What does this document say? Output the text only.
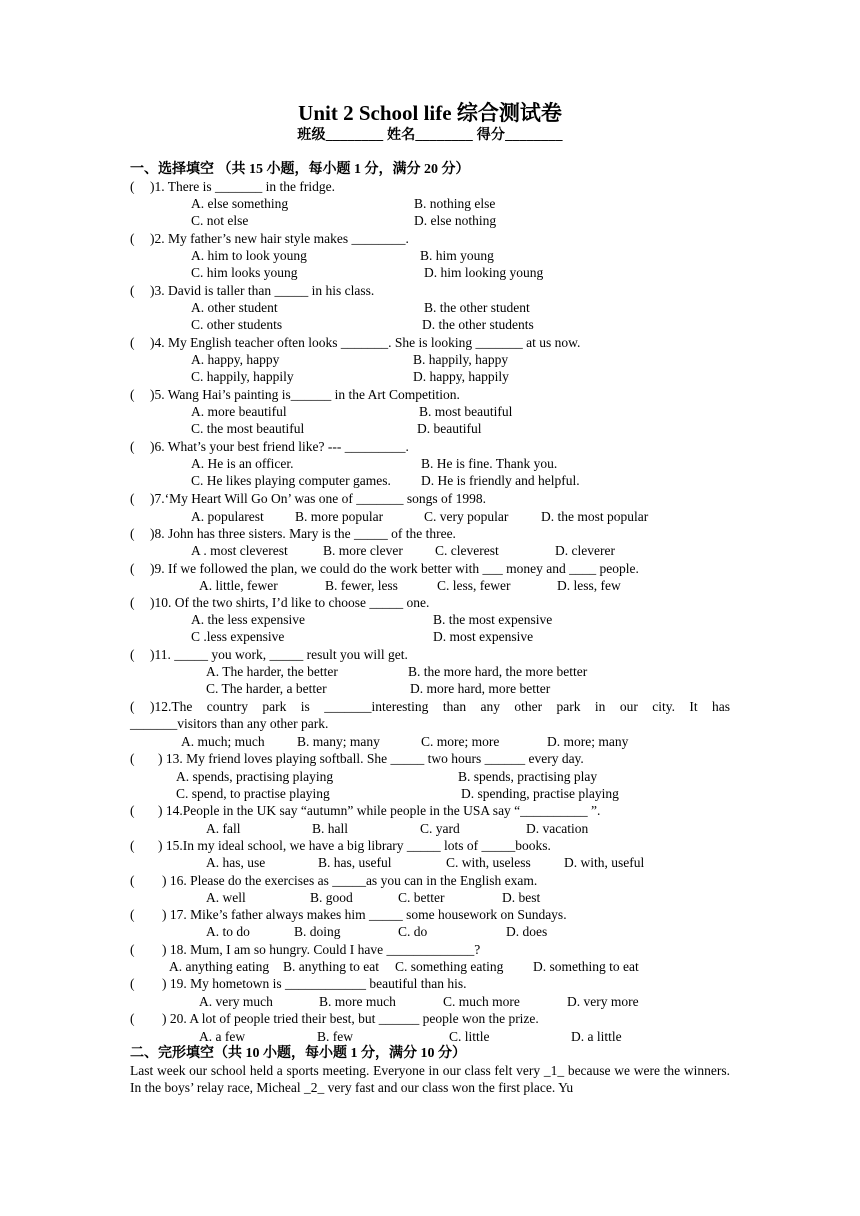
Unit 2 School life 综合测试卷
班级________ 姓名________ 得分________
一、选择填空 （共 15 小题，每小题 1 分，满分 20 分）
( )1. There is _______ in the fridge.
A. else something	B. nothing else
C. not else	D. else nothing
( )2. My father’s new hair style makes ________.
A. him to look young	B. him young
C. him looks young	D. him looking young
( )3. David is taller than _____ in his class.
A. other student	B. the other student
C. other students	D. the other students
( )4. My English teacher often looks _______. She is looking _______ at us now.
A. happy, happy	B. happily, happy
C. happily, happily	D. happy, happily
( )5. Wang Hai’s painting is______ in the Art Competition.
A. more beautiful	B. most beautiful
C. the most beautiful	D. beautiful
( )6. What’s your best friend like? --- _________.
A. He is an officer.	B. He is fine. Thank you.
C. He likes playing computer games. D. He is friendly and helpful.
( )7.‘My Heart Will Go On’ was one of _______ songs of 1998.
A. popularest B. more popular	C. very popular D. the most popular
( )8. John has three sisters. Mary is the _____ of the three.
A . most cleverest	B. more clever C. cleverest	D. cleverer
( )9. If we followed the plan, we could do the work better with ___ money and ____ people.
A. little, fewer	B. fewer, less	C. less, fewer	D. less, few
( )10. Of the two shirts, I’d like to choose _____ one.
A. the less expensive	B. the most expensive
C .less expensive	D. most expensive
( )11. _____ you work, _____ result you will get.
A. The harder, the better	B. the more hard, the more better
C. The harder, a better	D. more hard, more better
( )12.The country park is _______interesting than any other park in our city. It has
_______visitors than any other park.
A. much; much B. many; many	C. more; more	D. more; many
( ) 13. My friend loves playing softball. She _____ two hours ______ every day.
A. spends, practising playing	B. spends, practising play
C. spend, to practise playing	D. spending, practise playing
( ) 14.People in the UK say “autumn” while people in the USA say “__________ ”.
A. fall	B. hall	C. yard	D. vacation
( ) 15.In my ideal school, we have a big library _____ lots of _____books.
A. has, use	B. has, useful	C. with, useless D. with, useful
( ) 16. Please do the exercises as _____as you can in the English exam.
A. well	B. good	C. better	D. best
( ) 17. Mike’s father always makes him _____ some housework on Sundays.
A. to do	B. doing	C. do	D. does
( ) 18. Mum, I am so hungry. Could I have _____________?
A. anything eating B. anything to eat C. something eating D. something to eat
( ) 19. My hometown is ____________ beautiful than his.
A. very much	B. more much	C. much more	D. very more
( ) 20. A lot of people tried their best, but ______ people won the prize.
A. a few	B. few	C. little	D. a little
二、完形填空（共 10 小题，每小题 1 分，满分 10 分）
Last week our school held a sports meeting. Everyone in our class felt very _1_ because we were the winners. In the boys’ relay race, Micheal _2_ very fast and our class won the first place. Yu
